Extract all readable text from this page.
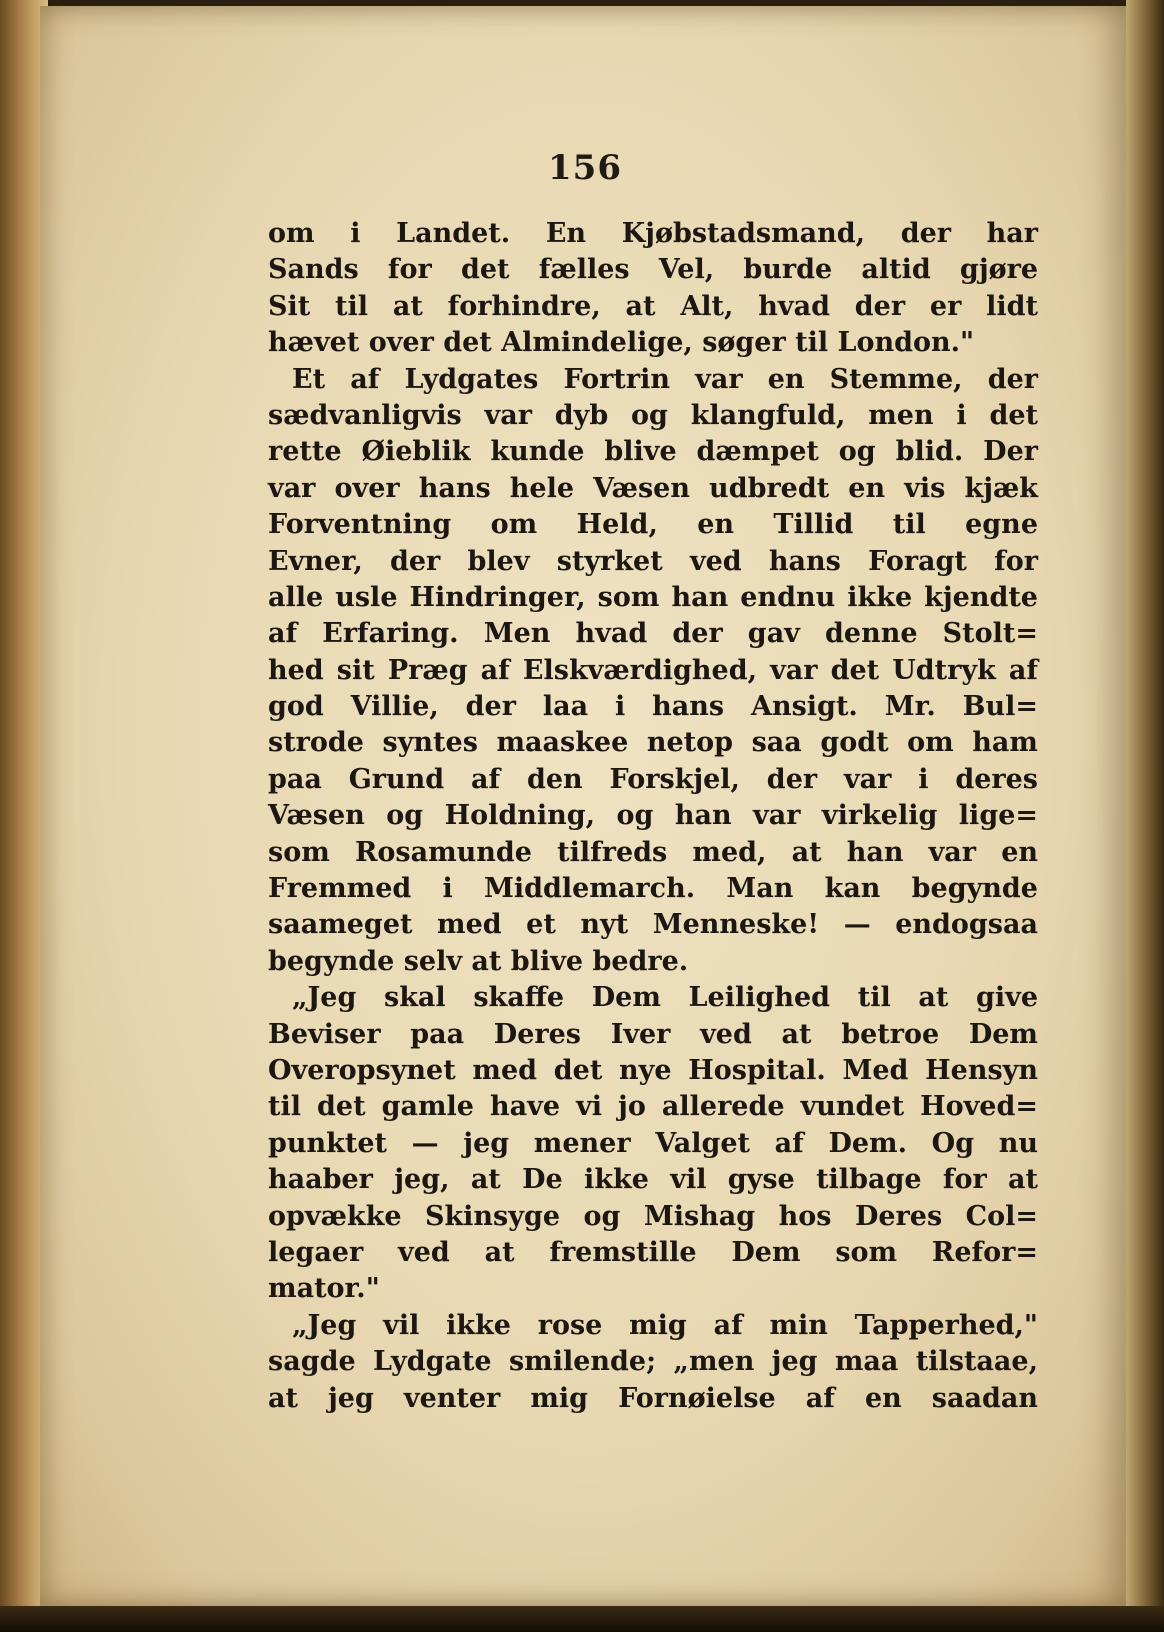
156
om i Landet. En Kjøbstadsmand, der har
Sands for det fælles Vel, burde altid gjøre
Sit til at forhindre, at Alt, hvad der er lidt
hævet over det Almindelige, søger til London."
Et af Lydgates Fortrin var en Stemme, der
sædvanligvis var dyb og klangfuld, men i det
rette Øieblik kunde blive dæmpet og blid. Der
var over hans hele Væsen udbredt en vis kjæk
Forventning om Held, en Tillid til egne
Evner, der blev styrket ved hans Foragt for
alle usle Hindringer, som han endnu ikke kjendte
af Erfaring. Men hvad der gav denne Stolt=
hed sit Præg af Elskværdighed, var det Udtryk af
god Villie, der laa i hans Ansigt. Mr. Bul=
strode syntes maaskee netop saa godt om ham
paa Grund af den Forskjel, der var i deres
Væsen og Holdning, og han var virkelig lige=
som Rosamunde tilfreds med, at han var en
Fremmed i Middlemarch. Man kan begynde
saameget med et nyt Menneske! — endogsaa
begynde selv at blive bedre.
„Jeg skal skaffe Dem Leilighed til at give
Beviser paa Deres Iver ved at betroe Dem
Overopsynet med det nye Hospital. Med Hensyn
til det gamle have vi jo allerede vundet Hoved=
punktet — jeg mener Valget af Dem. Og nu
haaber jeg, at De ikke vil gyse tilbage for at
opvække Skinsyge og Mishag hos Deres Col=
legaer ved at fremstille Dem som Refor=
mator."
„Jeg vil ikke rose mig af min Tapperhed,"
sagde Lydgate smilende; „men jeg maa tilstaae,
at jeg venter mig Fornøielse af en saadan
